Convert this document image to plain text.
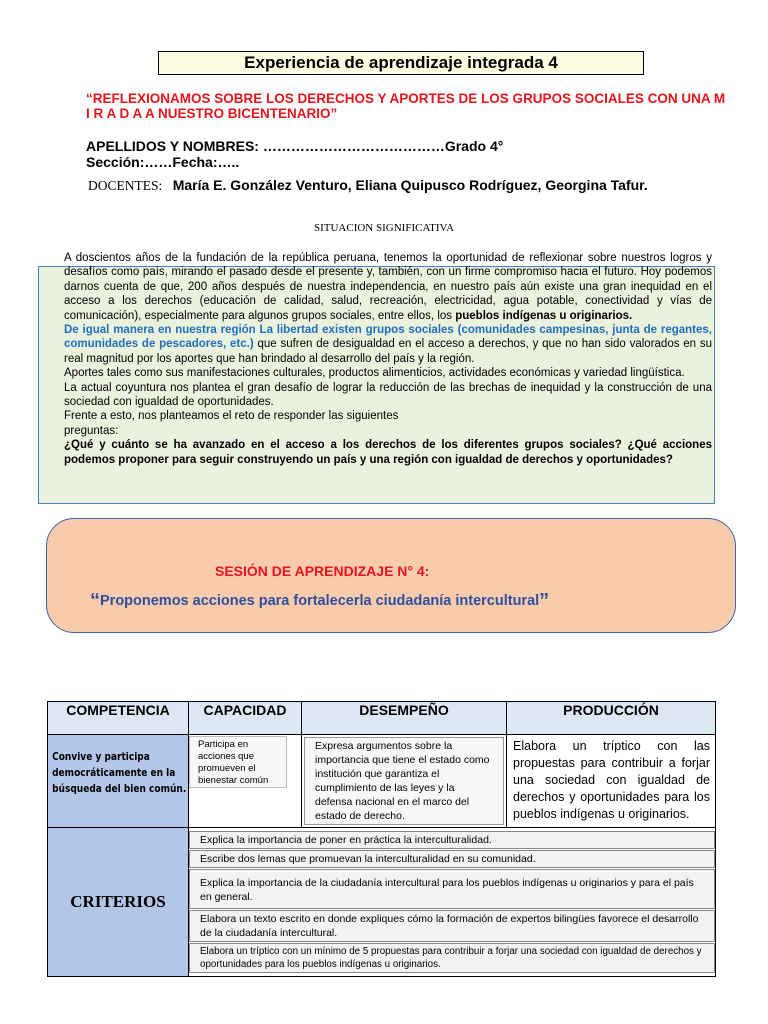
Experiencia de aprendizaje integrada 4
“REFLEXIONAMOS SOBRE LOS DERECHOS Y APORTES DE LOS GRUPOS SOCIALES CON UNA M I R A D A A NUESTRO BICENTENARIO”
APELLIDOS Y NOMBRES: …………………………………Grado 4°
Sección:……Fecha:…..
DOCENTES: María E. González Venturo, Eliana Quipusco Rodríguez, Georgina Tafur.
SITUACION SIGNIFICATIVA

A doscientos años de la fundación de la república peruana, tenemos la oportunidad de reflexionar sobre nuestros logros y desafíos como país, mirando el pasado desde el presente y, también, con un firme compromiso hacia el futuro. Hoy podemos darnos cuenta de que, 200 años después de nuestra independencia, en nuestro país aún existe una gran inequidad en el acceso a los derechos (educación de calidad, salud, recreación, electricidad, agua potable, conectividad y vías de comunicación), especialmente para algunos grupos sociales, entre ellos, los pueblos indígenas u originarios.

De igual manera en nuestra región La libertad existen grupos sociales (comunidades campesinas, junta de regantes, comunidades de pescadores, etc.) que sufren de desigualdad en el acceso a derechos, y que no han sido valorados en su real magnitud por los aportes que han brindado al desarrollo del país y la región.

Aportes tales como sus manifestaciones culturales, productos alimenticios, actividades económicas y variedad lingüística.

La actual coyuntura nos plantea el gran desafío de lograr la reducción de las brechas de inequidad y la construcción de una sociedad con igualdad de oportunidades.

Frente a esto, nos planteamos el reto de responder las siguientes

preguntas:

¿Qué y cuánto se ha avanzado en el acceso a los derechos de los diferentes grupos sociales? ¿Qué acciones podemos proponer para seguir construyendo un país y una región con igualdad de derechos y oportunidades?

SESIÓN DE APRENDIZAJE N° 4:
“Proponemos acciones para fortalecerla ciudadanía intercultural”
COMPETENCIA	CAPACIDAD	DESEMPEÑO	PRODUCCIÓN

Convive y participa democráticamente en la búsqueda del bien común.	Participa en acciones que promueven el bienestar común	Expresa argumentos sobre la importancia que tiene el estado como institución que garantiza el cumplimiento de las leyes y la defensa nacional en el marco del estado de derecho.	Elabora un tríptico con las propuestas para contribuir a forjar una sociedad con igualdad de derechos y oportunidades para los pueblos indígenas u originarios.

CRITERIOS	Explica la importancia de poner en práctica la interculturalidad.
Escribe dos lemas que promuevan la interculturalidad en su comunidad.
Explica la importancia de la ciudadanía intercultural para los pueblos indígenas u originarios y para el país en general.
Elabora un texto escrito en donde expliques cómo la formación de expertos bilingües favorece el desarrollo de la ciudadanía intercultural.
Elabora un tríptico con un mínimo de 5 propuestas para contribuir a forjar una sociedad con igualdad de derechos y oportunidades para los pueblos indígenas u originarios.		
